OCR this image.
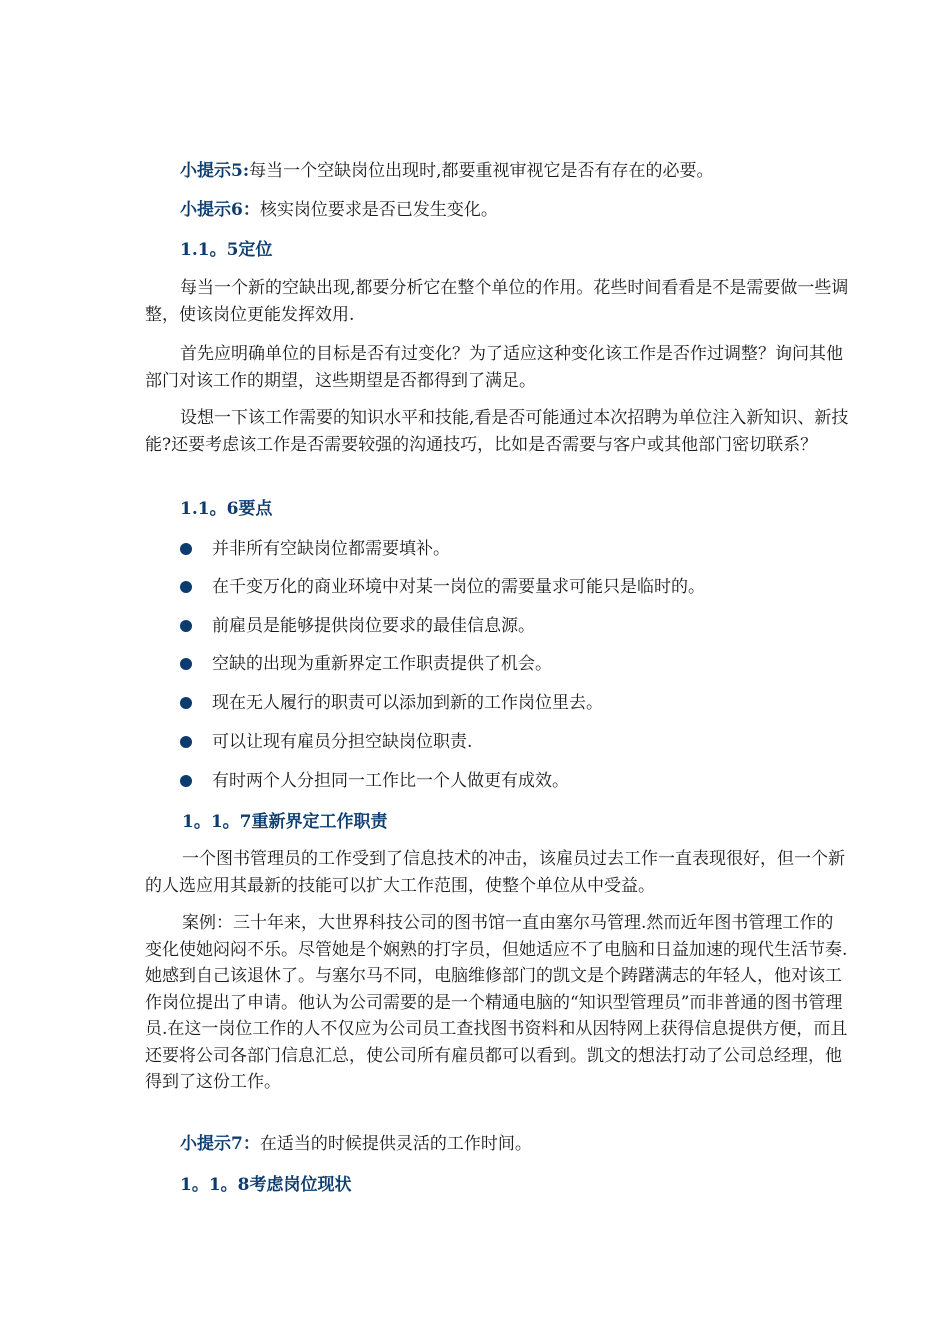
小提示5:每当一个空缺岗位出现时,都要重视审视它是否有存在的必要。

小提示6：核实岗位要求是否已发生变化。

1.1。5定位

每当一个新的空缺出现,都要分析它在整个单位的作用。花些时间看看是不是需要做一些调整，使该岗位更能发挥效用.

首先应明确单位的目标是否有过变化？为了适应这种变化该工作是否作过调整？询问其他部门对该工作的期望，这些期望是否都得到了满足。

设想一下该工作需要的知识水平和技能,看是否可能通过本次招聘为单位注入新知识、新技能?还要考虑该工作是否需要较强的沟通技巧，比如是否需要与客户或其他部门密切联系？

1.1。6要点

并非所有空缺岗位都需要填补。
在千变万化的商业环境中对某一岗位的需要量求可能只是临时的。
前雇员是能够提供岗位要求的最佳信息源。
空缺的出现为重新界定工作职责提供了机会。
现在无人履行的职责可以添加到新的工作岗位里去。
可以让现有雇员分担空缺岗位职责.
有时两个人分担同一工作比一个人做更有成效。

1。1。7重新界定工作职责

一个图书管理员的工作受到了信息技术的冲击，该雇员过去工作一直表现很好，但一个新的人选应用其最新的技能可以扩大工作范围，使整个单位从中受益。

案例：三十年来，大世界科技公司的图书馆一直由塞尔马管理.然而近年图书管理工作的变化使她闷闷不乐。尽管她是个娴熟的打字员，但她适应不了电脑和日益加速的现代生活节奏.她感到自己该退休了。与塞尔马不同，电脑维修部门的凯文是个踌躇满志的年轻人，他对该工作岗位提出了申请。他认为公司需要的是一个精通电脑的“知识型管理员”而非普通的图书管理员.在这一岗位工作的人不仅应为公司员工查找图书资料和从因特网上获得信息提供方便，而且还要将公司各部门信息汇总，使公司所有雇员都可以看到。凯文的想法打动了公司总经理，他得到了这份工作。

小提示7：在适当的时候提供灵活的工作时间。

1。1。8考虑岗位现状
